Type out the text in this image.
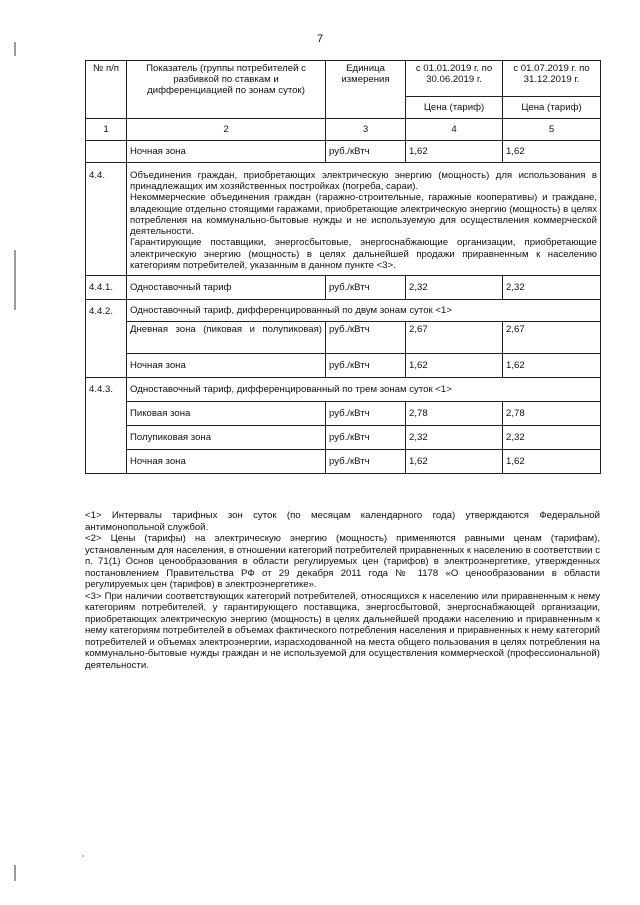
7
№ п/п	Показатель (группы потребителей с разбивкой по ставкам и дифференциацией по зонам суток)	Единица измерения	с 01.01.2019 г. по 30.06.2019 г.	с 01.07.2019 г. по 31.12.2019 г.
			Цена (тариф)	Цена (тариф)
1	2	3	4	5
	Ночная зона	руб./кВтч	1,62	1,62
4.4.	Объединения граждан, приобретающих электрическую энергию (мощность) для использования в принадлежащих им хозяйственных постройках (погреба, сараи).
Некоммерческие объединения граждан (гаражно-строительные, гаражные кооперативы) и граждане, владеющие отдельно стоящими гаражами, приобретающие электрическую энергию (мощность) в целях потребления на коммунально-бытовые нужды и не используемую для осуществления коммерческой деятельности.
Гарантирующие поставщики, энергосбытовые, энергоснабжающие организации, приобретающие электрическую энергию (мощность) в целях дальнейшей продажи приравненным к населению категориям потребителей, указанным в данном пункте <3>.			

4.4.1.	Одноставочный тариф	руб./кВтч	2,32	2,32
4.4.2.	Одноставочный тариф, дифференцированный по двум зонам суток <1>			
	Дневная зона (пиковая и полупиковая)	руб./кВтч	2,67	2,67
	Ночная зона	руб./кВтч	1,62	1,62
4.4.3.	Одноставочный тариф, дифференцированный по трем зонам суток <1>			
	Пиковая зона	руб./кВтч	2,78	2,78
	Полупиковая зона	руб./кВтч	2,32	2,32
	Ночная зона	руб./кВтч	1,62	1,62

<1> Интервалы тарифных зон суток (по месяцам календарного года) утверждаются Федеральной антимонопольной службой.

<2> Цены (тарифы) на электрическую энергию (мощность) применяются равными ценам (тарифам), установленным для населения, в отношении категорий потребителей приравненных к населению в соответствии с п. 71(1) Основ ценообразования в области регулируемых цен (тарифов) в электроэнергетике, утвержденных постановлением Правительства РФ от 29 декабря 2011 года № 1178 «О ценообразовании в области регулируемых цен (тарифов) в электроэнергетике».

<3> При наличии соответствующих категорий потребителей, относящихся к населению или приравненным к нему категориям потребителей, у гарантирующего поставщика, энергосбытовой, энергоснабжающей организации, приобретающих электрическую энергию (мощность) в целях дальнейшей продажи населению и приравненным к нему категориям потребителей в объемах фактического потребления населения и приравненных к нему категорий потребителей и объемах электроэнергии, израсходованной на места общего пользования в целях потребления на коммунально-бытовые нужды граждан и не используемой для осуществления коммерческой (профессиональной) деятельности.
